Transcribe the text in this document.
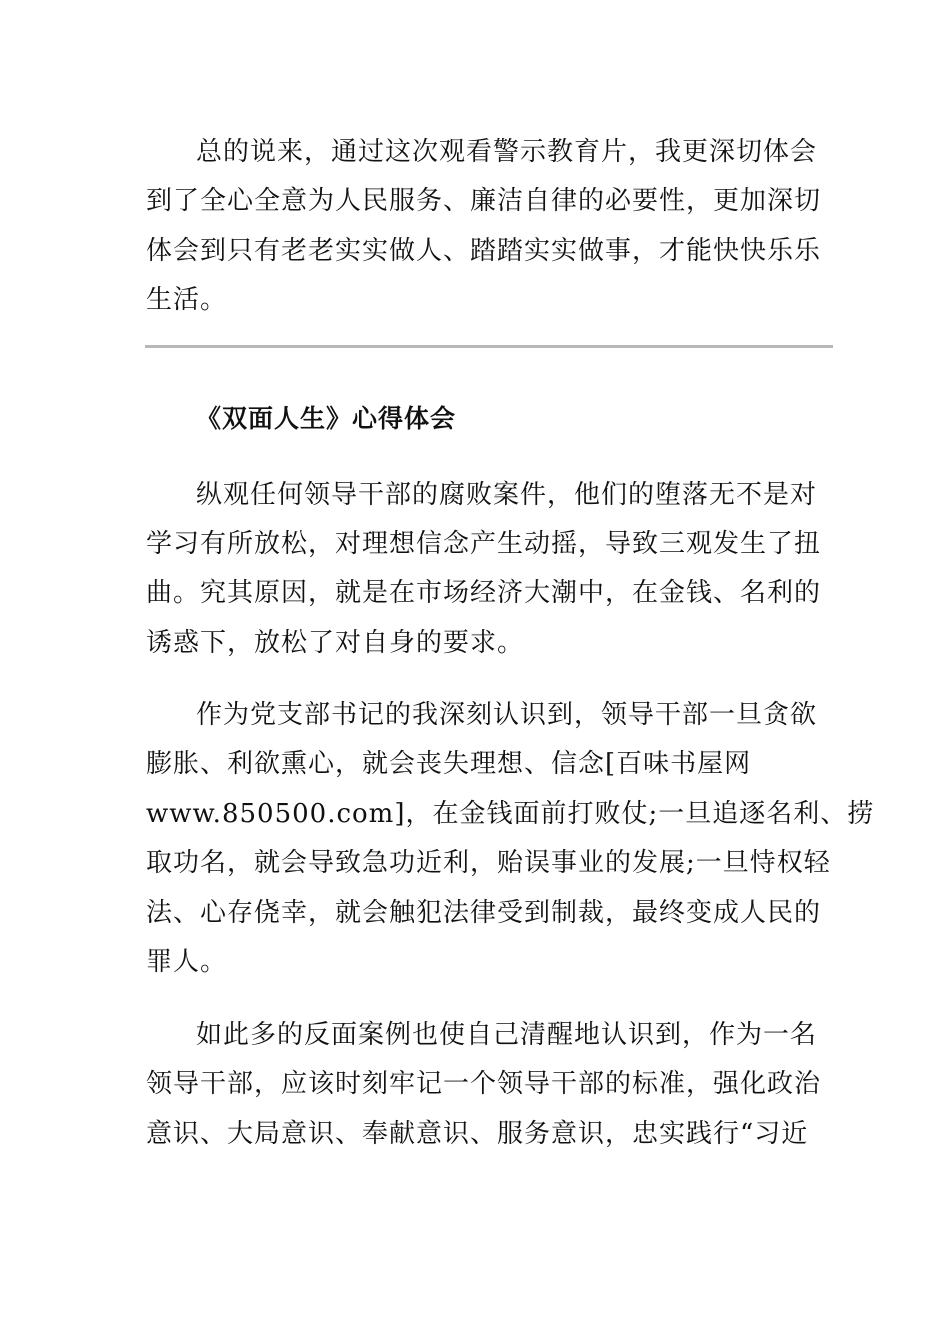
总的说来，通过这次观看警示教育片，我更深切体会

到了全心全意为人民服务、廉洁自律的必要性，更加深切

体会到只有老老实实做人、踏踏实实做事，才能快快乐乐

生活。

《双面人生》心得体会

纵观任何领导干部的腐败案件，他们的堕落无不是对

学习有所放松，对理想信念产生动摇，导致三观发生了扭

曲。究其原因，就是在市场经济大潮中，在金钱、名利的

诱惑下，放松了对自身的要求。

作为党支部书记的我深刻认识到，领导干部一旦贪欲

膨胀、利欲熏心，就会丧失理想、信念[百味书屋网

www.850500.com]，在金钱面前打败仗;一旦追逐名利、捞

取功名，就会导致急功近利，贻误事业的发展;一旦恃权轻

法、心存侥幸，就会触犯法律受到制裁，最终变成人民的

罪人。

如此多的反面案例也使自己清醒地认识到，作为一名

领导干部，应该时刻牢记一个领导干部的标准，强化政治

意识、大局意识、奉献意识、服务意识，忠实践行“习近
